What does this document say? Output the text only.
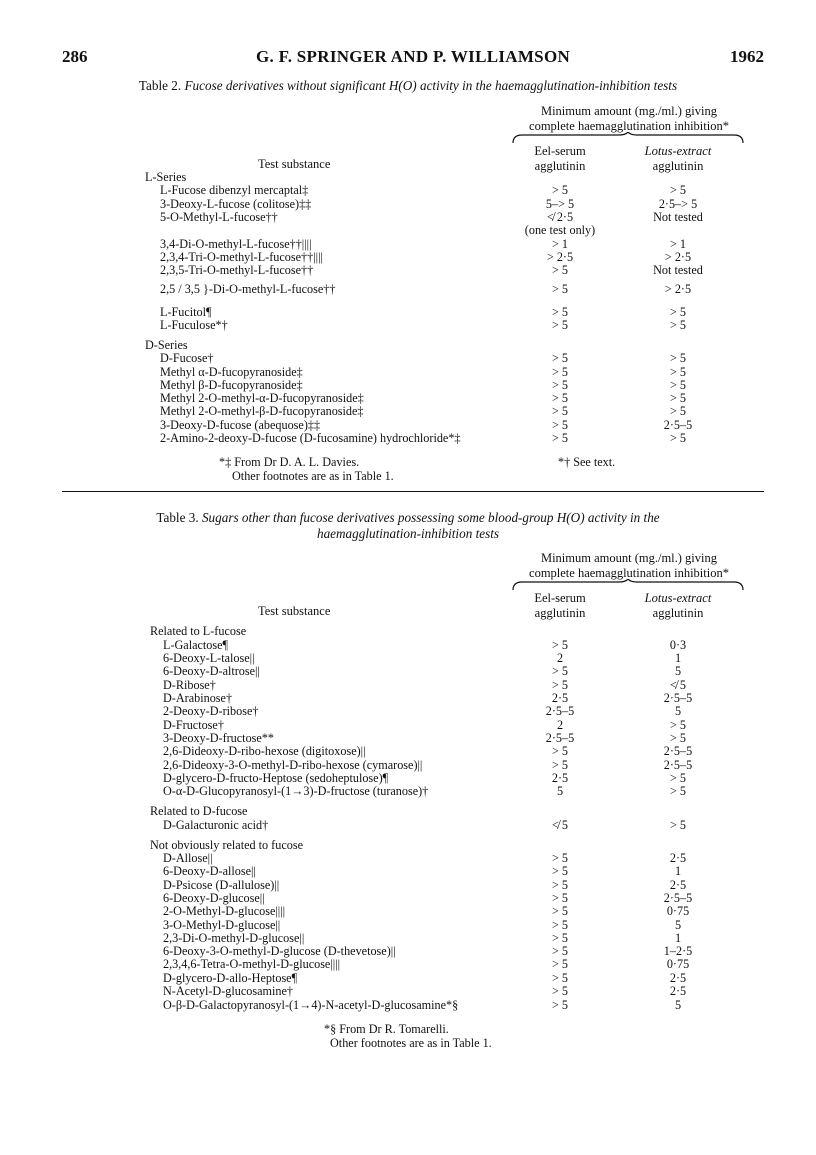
286	G. F. SPRINGER AND P. WILLIAMSON	1962
Table 2. Fucose derivatives without significant H(O) activity in the haemagglutination-inhibition tests
Minimum amount (mg./ml.) giving
complete haemagglutination inhibition*
Eel-serum
agglutinin
Lotus-extract
agglutinin
Test substance
L-Series
L-Fucose dibenzyl mercaptal‡	> 5	> 5
3-Deoxy-L-fucose (colitose)‡‡	5–> 5	2·5–> 5
5-O-Methyl-L-fucose††	≮ 2·5	Not tested
(one test only)
3,4-Di-O-methyl-L-fucose††||||	> 1	> 1
2,3,4-Tri-O-methyl-L-fucose††||||	> 2·5	> 2·5
2,3,5-Tri-O-methyl-L-fucose††	> 5	Not tested
2,5 / 3,5 }-Di-O-methyl-L-fucose††	> 5	> 2·5
L-Fucitol¶	> 5	> 5
L-Fuculose*†	> 5	> 5
D-Series
D-Fucose†	> 5	> 5
Methyl α-D-fucopyranoside‡	> 5	> 5
Methyl β-D-fucopyranoside‡	> 5	> 5
Methyl 2-O-methyl-α-D-fucopyranoside‡	> 5	> 5
Methyl 2-O-methyl-β-D-fucopyranoside‡	> 5	> 5
3-Deoxy-D-fucose (abequose)‡‡	> 5	2·5–5
2-Amino-2-deoxy-D-fucose (D-fucosamine) hydrochloride*‡	> 5	> 5
*‡ From Dr D. A. L. Davies.
Other footnotes are as in Table 1.
*† See text.
Table 3. Sugars other than fucose derivatives possessing some blood-group H(O) activity in the
haemagglutination-inhibition tests
Minimum amount (mg./ml.) giving
complete haemagglutination inhibition*
Eel-serum
agglutinin
Lotus-extract
agglutinin
Test substance
Related to L-fucose
L-Galactose¶	> 5	0·3
6-Deoxy-L-talose||	2	1
6-Deoxy-D-altrose||	> 5	5
D-Ribose†	> 5	≮ 5
D-Arabinose†	2·5	2·5–5
2-Deoxy-D-ribose†	2·5–5	5
D-Fructose†	2	> 5
3-Deoxy-D-fructose**	2·5–5	> 5
2,6-Dideoxy-D-ribo-hexose (digitoxose)||	> 5	2·5–5
2,6-Dideoxy-3-O-methyl-D-ribo-hexose (cymarose)||	> 5	2·5–5
D-glycero-D-fructo-Heptose (sedoheptulose)¶	2·5	> 5
O-α-D-Glucopyranosyl-(1→3)-D-fructose (turanose)†	5	> 5
Related to D-fucose
D-Galacturonic acid†	≮ 5	> 5
Not obviously related to fucose
D-Allose||	> 5	2·5
6-Deoxy-D-allose||	> 5	1
D-Psicose (D-allulose)||	> 5	2·5
6-Deoxy-D-glucose||	> 5	2·5–5
2-O-Methyl-D-glucose||||	> 5	0·75
3-O-Methyl-D-glucose||	> 5	5
2,3-Di-O-methyl-D-glucose||	> 5	1
6-Deoxy-3-O-methyl-D-glucose (D-thevetose)||	> 5	1–2·5
2,3,4,6-Tetra-O-methyl-D-glucose||||	> 5	0·75
D-glycero-D-allo-Heptose¶	> 5	2·5
N-Acetyl-D-glucosamine†	> 5	2·5
O-β-D-Galactopyranosyl-(1→4)-N-acetyl-D-glucosamine*§	> 5	5
*§ From Dr R. Tomarelli.
Other footnotes are as in Table 1.
